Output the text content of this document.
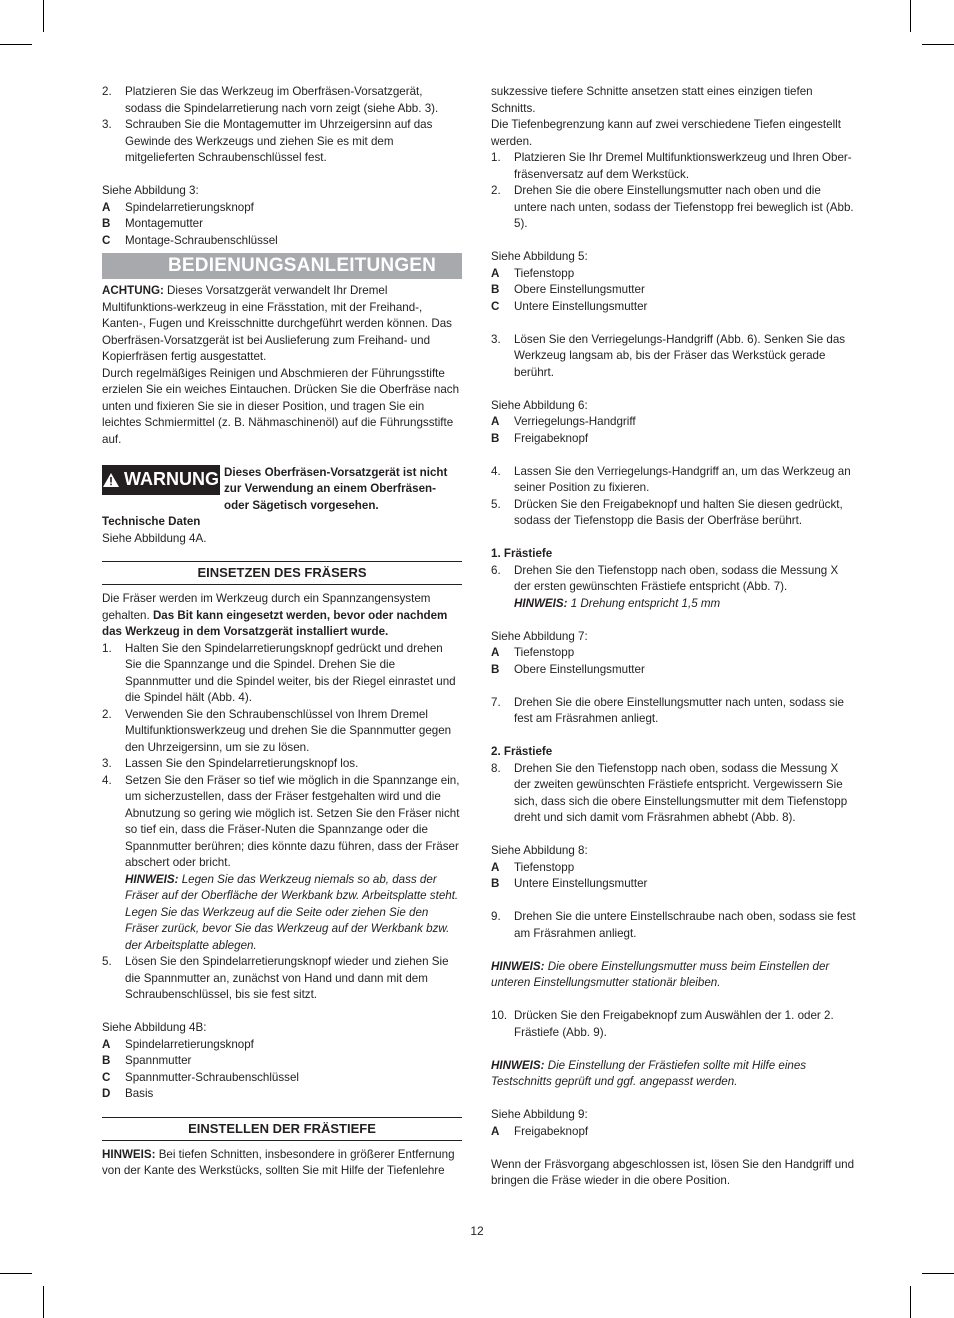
2.	Platzieren Sie das Werkzeug im Oberfräsen-Vorsatzgerät, sodass die Spindelarretierung nach vorn zeigt (siehe Abb. 3).
3.	Schrauben Sie die Montagemutter im Uhrzeigersinn auf das Gewinde des Werkzeugs und ziehen Sie es mit dem mitgelieferten Schraubenschlüssel fest.

Siehe Abbildung 3:

A	Spindelarretierungsknopf
B	Montagemutter
C	Montage-Schraubenschlüssel
BEDIENUNGSANLEITUNGEN

ACHTUNG: Dieses Vorsatzgerät verwandelt Ihr Dremel Multifunktions-werkzeug in eine Frässtation, mit der Freihand-, Kanten-, Fugen und Kreisschnitte durchgeführt werden können. Das Oberfräsen-Vorsatzgerät ist bei Auslieferung zum Freihand- und Kopierfräsen fertig ausgestattet.

Durch regelmäßiges Reinigen und Abschmieren der Führungsstifte erzielen Sie ein weiches Eintauchen. Drücken Sie die Oberfräse nach unten und fixieren Sie sie in dieser Position, und tragen Sie ein leichtes Schmiermittel (z. B. Nähmaschinenöl) auf die Führungsstifte auf.

WARNUNG Dieses Oberfräsen-Vorsatzgerät ist nicht zur Verwendung an einem Oberfräsen- oder Sägetisch vorgesehen.

Technische Daten

Siehe Abbildung 4A.

EINSETZEN DES FRÄSERS

Die Fräser werden im Werkzeug durch ein Spannzangensystem gehalten. Das Bit kann eingesetzt werden, bevor oder nachdem das Werkzeug in dem Vorsatzgerät installiert wurde.

1.	Halten Sie den Spindelarretierungsknopf gedrückt und drehen Sie die Spannzange und die Spindel. Drehen Sie die Spannmutter und die Spindel weiter, bis der Riegel einrastet und die Spindel hält (Abb. 4).
2.	Verwenden Sie den Schraubenschlüssel von Ihrem Dremel Multifunktionswerkzeug und drehen Sie die Spannmutter gegen den Uhrzeigersinn, um sie zu lösen.
3.	Lassen Sie den Spindelarretierungsknopf los.
4.	Setzen Sie den Fräser so tief wie möglich in die Spannzange ein, um sicherzustellen, dass der Fräser festgehalten wird und die Abnutzung so gering wie möglich ist. Setzen Sie den Fräser nicht so tief ein, dass die Fräser-Nuten die Spannzange oder die Spannmutter berühren; dies könnte dazu führen, dass der Fräser abschert oder bricht.
HINWEIS: Legen Sie das Werkzeug niemals so ab, dass der Fräser auf der Oberfläche der Werkbank bzw. Arbeitsplatte steht. Legen Sie das Werkzeug auf die Seite oder ziehen Sie den Fräser zurück, bevor Sie das Werkzeug auf der Werkbank bzw. der Arbeitsplatte ablegen.
5.	Lösen Sie den Spindelarretierungsknopf wieder und ziehen Sie die Spannmutter an, zunächst von Hand und dann mit dem Schraubenschlüssel, bis sie fest sitzt.

Siehe Abbildung 4B:

A	Spindelarretierungsknopf
B	Spannmutter
C	Spannmutter-Schraubenschlüssel
D	Basis
EINSTELLEN DER FRÄSTIEFE

HINWEIS: Bei tiefen Schnitten, insbesondere in größerer Entfernung von der Kante des Werkstücks, sollten Sie mit Hilfe der Tiefenlehre

sukzessive tiefere Schnitte ansetzen statt eines einzigen tiefen Schnitts.

Die Tiefenbegrenzung kann auf zwei verschiedene Tiefen eingestellt werden.

1.	Platzieren Sie Ihr Dremel Multifunktionswerkzeug und Ihren Ober-fräsenversatz auf dem Werkstück.
2.	Drehen Sie die obere Einstellungsmutter nach oben und die untere nach unten, sodass der Tiefenstopp frei beweglich ist (Abb. 5).

Siehe Abbildung 5:

A	Tiefenstopp
B	Obere Einstellungsmutter
C	Untere Einstellungsmutter
3.	Lösen Sie den Verriegelungs-Handgriff (Abb. 6). Senken Sie das Werkzeug langsam ab, bis der Fräser das Werkstück gerade berührt.

Siehe Abbildung 6:

A	Verriegelungs-Handgriff
B	Freigabeknopf
4.	Lassen Sie den Verriegelungs-Handgriff an, um das Werkzeug an seiner Position zu fixieren.
5.	Drücken Sie den Freigabeknopf und halten Sie diesen gedrückt, sodass der Tiefenstopp die Basis der Oberfräse berührt.

1. Frästiefe

6.	Drehen Sie den Tiefenstopp nach oben, sodass die Messung X der ersten gewünschten Frästiefe entspricht (Abb. 7).
HINWEIS: 1 Drehung entspricht 1,5 mm

Siehe Abbildung 7:

A	Tiefenstopp
B	Obere Einstellungsmutter
7.	Drehen Sie die obere Einstellungsmutter nach unten, sodass sie fest am Fräsrahmen anliegt.

2. Frästiefe

8.	Drehen Sie den Tiefenstopp nach oben, sodass die Messung X der zweiten gewünschten Frästiefe entspricht. Vergewissern Sie sich, dass sich die obere Einstellungsmutter mit dem Tiefenstopp dreht und sich damit vom Fräsrahmen abhebt (Abb. 8).

Siehe Abbildung 8:

A	Tiefenstopp
B	Untere Einstellungsmutter
9.	Drehen Sie die untere Einstellschraube nach oben, sodass sie fest am Fräsrahmen anliegt.

HINWEIS: Die obere Einstellungsmutter muss beim Einstellen der unteren Einstellungsmutter stationär bleiben.

10. Drücken Sie den Freigabeknopf zum Auswählen der 1. oder 2. Frästiefe (Abb. 9).

HINWEIS: Die Einstellung der Frästiefen sollte mit Hilfe eines Testschnitts geprüft und ggf. angepasst werden.

Siehe Abbildung 9:

A	Freigabeknopf

Wenn der Fräsvorgang abgeschlossen ist, lösen Sie den Handgriff und bringen die Fräse wieder in die obere Position.

12
